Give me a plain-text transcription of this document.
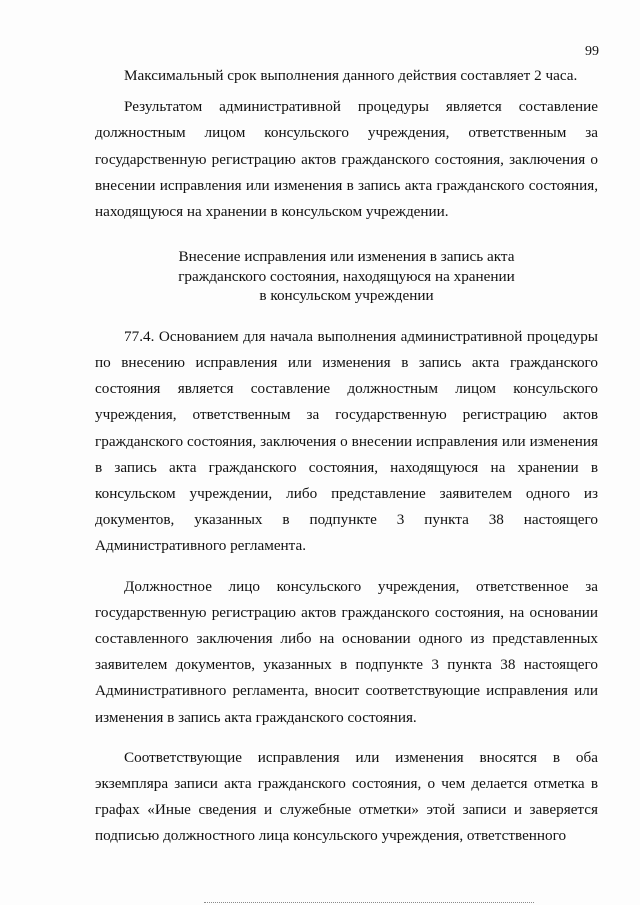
99

Максимальный срок выполнения данного действия составляет 2 часа.

Результатом административной процедуры является составление должностным лицом консульского учреждения, ответственным за государственную регистрацию актов гражданского состояния, заключения о внесении исправления или изменения в запись акта гражданского состояния, находящуюся на хранении в консульском учреждении.

Внесение исправления или изменения в запись акта
гражданского состояния, находящуюся на хранении
в консульском учреждении

77.4. Основанием для начала выполнения административной процедуры по внесению исправления или изменения в запись акта гражданского состояния является составление должностным лицом консульского учреждения, ответственным за государственную регистрацию актов гражданского состояния, заключения о внесении исправления или изменения в запись акта гражданского состояния, находящуюся на хранении в консульском учреждении, либо представление заявителем одного из документов, указанных в подпункте 3 пункта 38 настоящего Административного регламента.

Должностное лицо консульского учреждения, ответственное за государственную регистрацию актов гражданского состояния, на основании составленного заключения либо на основании одного из представленных заявителем документов, указанных в подпункте 3 пункта 38 настоящего Административного регламента, вносит соответствующие исправления или изменения в запись акта гражданского состояния.

Соответствующие исправления или изменения вносятся в оба экземпляра записи акта гражданского состояния, о чем делается отметка в графах «Иные сведения и служебные отметки» этой записи и заверяется подписью должностного лица консульского учреждения, ответственного
